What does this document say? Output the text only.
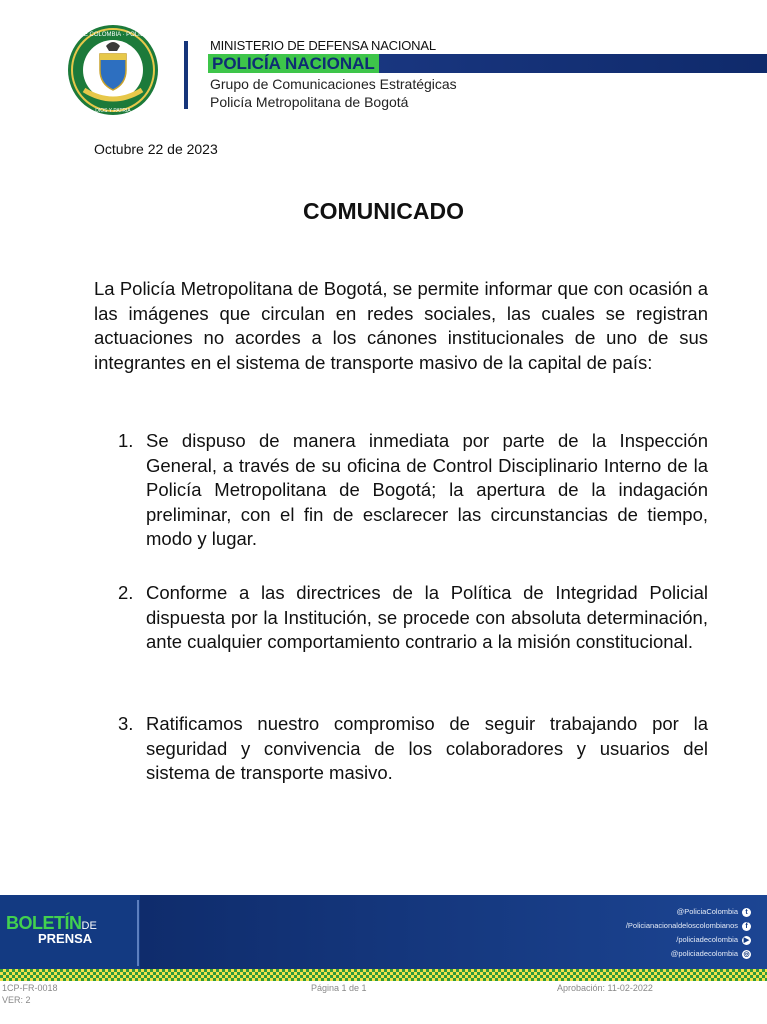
REPÚBLICA DE COLOMBIA · POLICÍA NACIONAL
DIOS Y PATRIA
MINISTERIO DE DEFENSA NACIONAL
POLICÍA NACIONAL
Grupo de Comunicaciones Estratégicas
Policía Metropolitana de Bogotá
Octubre 22 de 2023
COMUNICADO

La Policía Metropolitana de Bogotá, se permite informar que con ocasión a las imágenes que circulan en redes sociales, las cuales se registran actuaciones no acordes a los cánones institucionales de uno de sus integrantes en el sistema de transporte masivo de la capital de país:

1. Se dispuso de manera inmediata por parte de la Inspección General, a través de su oficina de Control Disciplinario Interno de la Policía Metropolitana de Bogotá; la apertura de la indagación preliminar, con el fin de esclarecer las circunstancias de tiempo, modo y lugar.
2. Conforme a las directrices de la Política de Integridad Policial dispuesta por la Institución, se procede con absoluta determinación, ante cualquier comportamiento contrario a la misión constitucional.
3. Ratificamos nuestro compromiso de seguir trabajando por la seguridad y convivencia de los colaboradores y usuarios del sistema de transporte masivo.
BOLETÍNDE
PRENSA
@PoliciaColombia t
/Policianacionaldeloscolombianos f
/policiadecolombia ▶
@policiadecolombia ◎
1CP-FR-0018
VER: 2
Página 1 de 1	Aprobación: 11-02-2022
